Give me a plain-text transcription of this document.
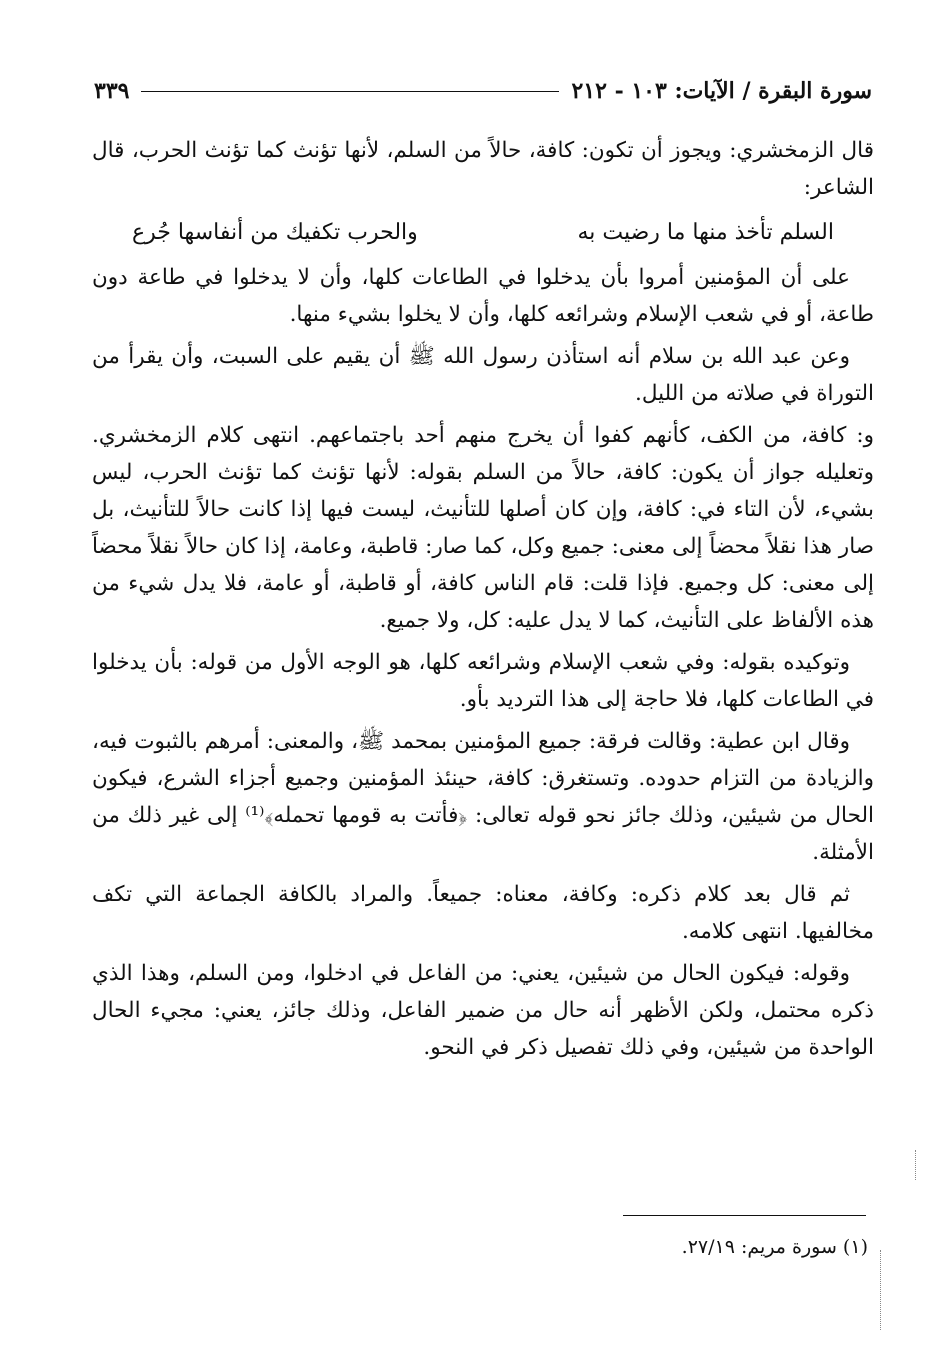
سورة البقرة / الآيات: ١٠٣ - ٢١٢
٣٣٩

قال الزمخشري: ويجوز أن تكون: كافة، حالاً من السلم، لأنها تؤنث كما تؤنث الحرب، قال الشاعر:

السلم تأخذ منها ما رضيت به
والحرب تكفيك من أنفاسها جُرع

على أن المؤمنين أمروا بأن يدخلوا في الطاعات كلها، وأن لا يدخلوا في طاعة دون طاعة، أو في شعب الإسلام وشرائعه كلها، وأن لا يخلوا بشيء منها.

وعن عبد الله بن سلام أنه استأذن رسول الله ﷺ أن يقيم على السبت، وأن يقرأ من التوراة في صلاته من الليل.

و: كافة، من الكف، كأنهم كفوا أن يخرج منهم أحد باجتماعهم. انتهى كلام الزمخشري. وتعليله جواز أن يكون: كافة، حالاً من السلم بقوله: لأنها تؤنث كما تؤنث الحرب، ليس بشيء، لأن التاء في: كافة، وإن كان أصلها للتأنيث، ليست فيها إذا كانت حالاً للتأنيث، بل صار هذا نقلاً محضاً إلى معنى: جميع وكل، كما صار: قاطبة، وعامة، إذا كان حالاً نقلاً محضاً إلى معنى: كل وجميع. فإذا قلت: قام الناس كافة، أو قاطبة، أو عامة، فلا يدل شيء من هذه الألفاظ على التأنيث، كما لا يدل عليه: كل، ولا جميع.

وتوكيده بقوله: وفي شعب الإسلام وشرائعه كلها، هو الوجه الأول من قوله: بأن يدخلوا في الطاعات كلها، فلا حاجة إلى هذا الترديد بأو.

وقال ابن عطية: وقالت فرقة: جميع المؤمنين بمحمد ﷺ، والمعنى: أمرهم بالثبوت فيه، والزيادة من التزام حدوده. وتستغرق: كافة، حينئذ المؤمنين وجميع أجزاء الشرع، فيكون الحال من شيئين، وذلك جائز نحو قوله تعالى: ﴿فأتت به قومها تحمله﴾⁽¹⁾ إلى غير ذلك من الأمثلة.

ثم قال بعد كلام ذكره: وكافة، معناه: جميعاً. والمراد بالكافة الجماعة التي تكف مخالفيها. انتهى كلامه.

وقوله: فيكون الحال من شيئين، يعني: من الفاعل في ادخلوا، ومن السلم، وهذا الذي ذكره محتمل، ولكن الأظهر أنه حال من ضمير الفاعل، وذلك جائز، يعني: مجيء الحال الواحدة من شيئين، وفي ذلك تفصيل ذكر في النحو.

(١) سورة مريم: ٢٧/١٩.
